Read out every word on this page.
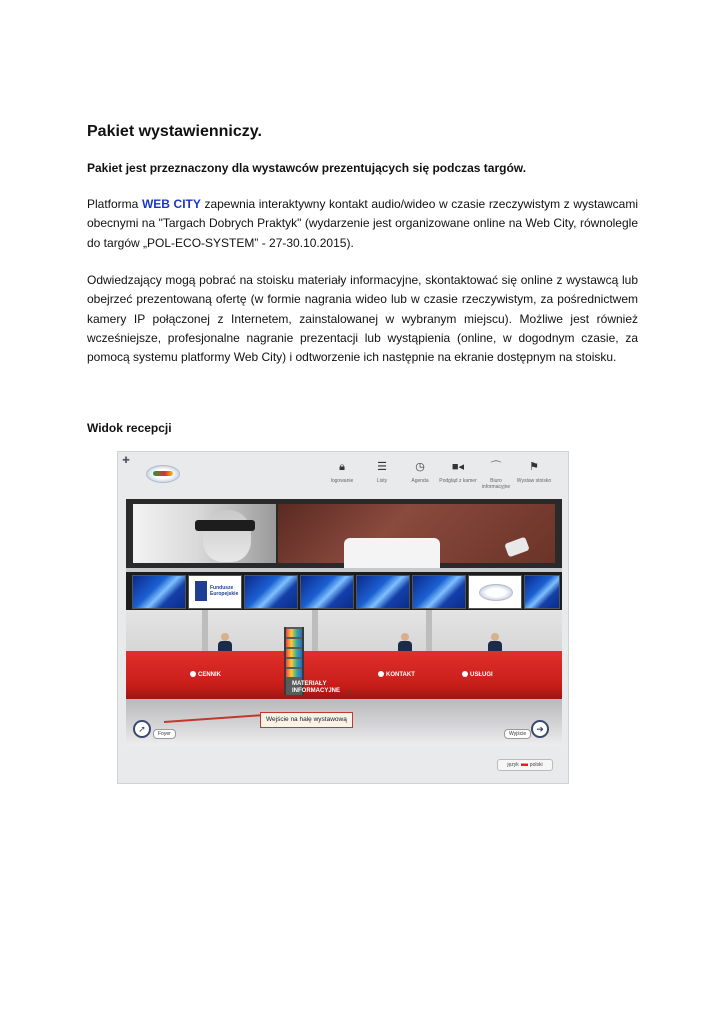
Pakiet wystawienniczy.

Pakiet jest przeznaczony dla wystawców prezentujących się podczas targów.

Platforma WEB CITY zapewnia interaktywny kontakt audio/wideo w czasie rzeczywistym z wystawcami obecnymi na "Targach Dobrych Praktyk" (wydarzenie jest organizowane online na Web City, równolegle do targów „POL-ECO-SYSTEM” - 27-30.10.2015).

Odwiedzający mogą pobrać na stoisku materiały informacyjne, skontaktować się online z wystawcą lub obejrzeć prezentowaną ofertę (w formie nagrania wideo lub w czasie rzeczywistym, za pośrednictwem kamery IP połączonej z Internetem, zainstalowanej w wybranym miejscu). Możliwe jest również wcześniejsze, profesjonalne nagranie prezentacji lub wystąpienia (online, w dogodnym czasie, za pomocą systemu platformy Web City) i odtworzenie ich następnie na ekranie dostępnym na stoisku.

Widok recepcji

✚
🔒︎
logowanie
☰
Listy
◷
Agenda
■◂
Podgląd z kamer
⌒
Biuro informacyjne
⚑
Wystaw stoisko
Fundusze Europejskie
CENNIK
MATERIAŁY
INFORMACYJNE
KONTAKT	USŁUGI
Wejście na halę wystawową
➚	Foyer	Wyjście	➜
język polski
